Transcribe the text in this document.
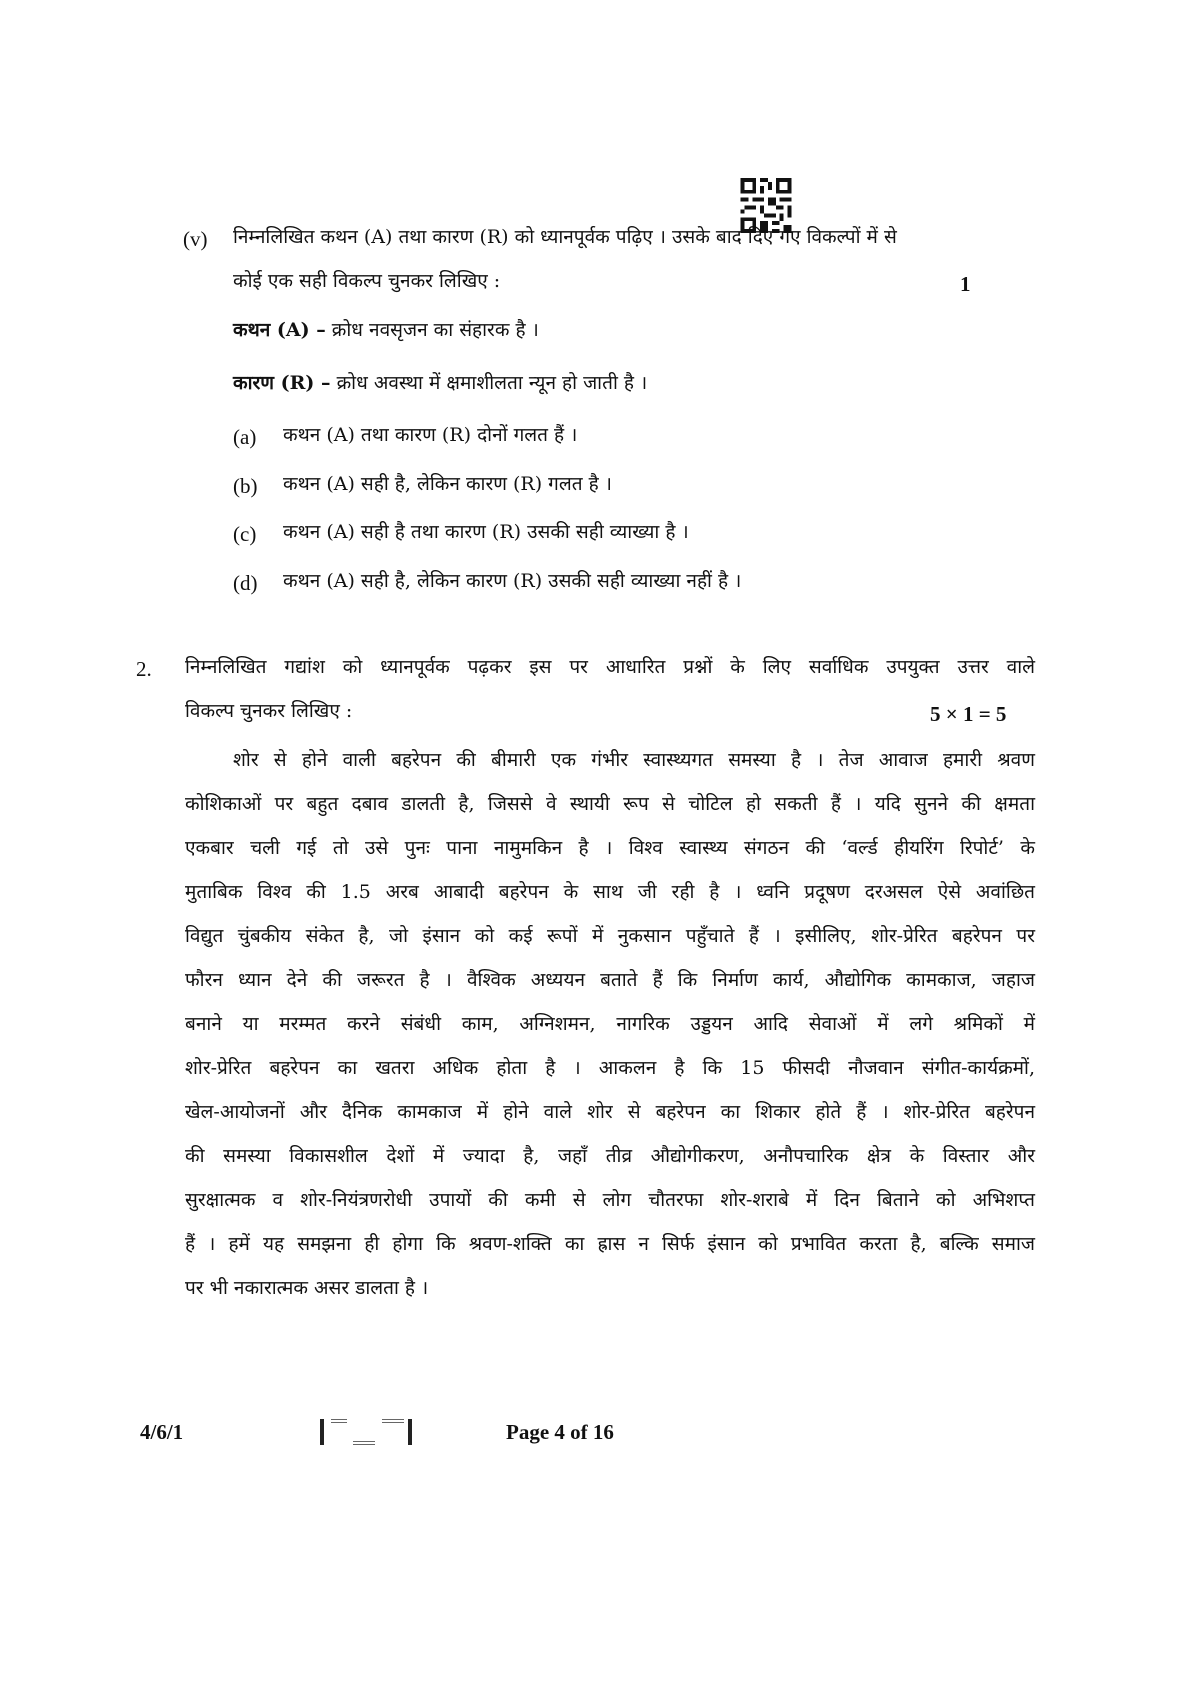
(v) निम्नलिखित कथन (A) तथा कारण (R) को ध्यानपूर्वक पढ़िए । उसके बाद दिए गए विकल्पों में से
कोई एक सही विकल्प चुनकर लिखिए :	1
कथन (A) – क्रोध नवसृजन का संहारक है ।
कारण (R) – क्रोध अवस्था में क्षमाशीलता न्यून हो जाती है ।
(a) कथन (A) तथा कारण (R) दोनों गलत हैं ।
(b) कथन (A) सही है, लेकिन कारण (R) गलत है ।
(c) कथन (A) सही है तथा कारण (R) उसकी सही व्याख्या है ।
(d) कथन (A) सही है, लेकिन कारण (R) उसकी सही व्याख्या नहीं है ।
2. निम्नलिखित गद्यांश को ध्यानपूर्वक पढ़कर इस पर आधारित प्रश्नों के लिए सर्वाधिक उपयुक्त उत्तर वाले
विकल्प चुनकर लिखिए :	5 × 1 = 5
शोर से होने वाली बहरेपन की बीमारी एक गंभीर स्वास्थ्यगत समस्या है । तेज आवाज हमारी श्रवण
कोशिकाओं पर बहुत दबाव डालती है, जिससे वे स्थायी रूप से चोटिल हो सकती हैं । यदि सुनने की क्षमता
एकबार चली गई तो उसे पुनः पाना नामुमकिन है । विश्व स्वास्थ्य संगठन की ‘वर्ल्ड हीयरिंग रिपोर्ट’ के
मुताबिक विश्व की 1.5 अरब आबादी बहरेपन के साथ जी रही है । ध्वनि प्रदूषण दरअसल ऐसे अवांछित
विद्युत चुंबकीय संकेत है, जो इंसान को कई रूपों में नुकसान पहुँचाते हैं । इसीलिए, शोर-प्रेरित बहरेपन पर
फौरन ध्यान देने की जरूरत है । वैश्विक अध्ययन बताते हैं कि निर्माण कार्य, औद्योगिक कामकाज, जहाज
बनाने या मरम्मत करने संबंधी काम, अग्निशमन, नागरिक उड्डयन आदि सेवाओं में लगे श्रमिकों में
शोर-प्रेरित बहरेपन का खतरा अधिक होता है । आकलन है कि 15 फीसदी नौजवान संगीत-कार्यक्रमों,
खेल-आयोजनों और दैनिक कामकाज में होने वाले शोर से बहरेपन का शिकार होते हैं । शोर-प्रेरित बहरेपन
की समस्या विकासशील देशों में ज्यादा है, जहाँ तीव्र औद्योगीकरण, अनौपचारिक क्षेत्र के विस्तार और
सुरक्षात्मक व शोर-नियंत्रणरोधी उपायों की कमी से लोग चौतरफा शोर-शराबे में दिन बिताने को अभिशप्त
हैं । हमें यह समझना ही होगा कि श्रवण-शक्ति का ह्रास न सिर्फ इंसान को प्रभावित करता है, बल्कि समाज
पर भी नकारात्मक असर डालता है ।
4/6/1	Page 4 of 16
